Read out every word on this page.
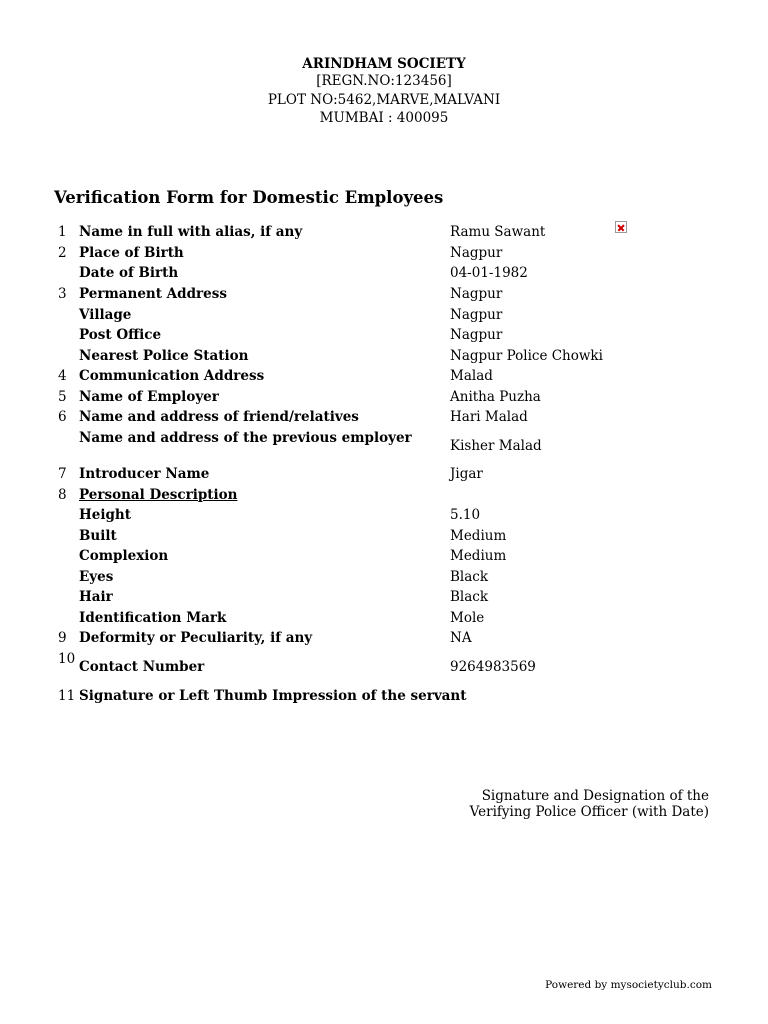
ARINDHAM SOCIETY
[REGN.NO:123456]
PLOT NO:5462,MARVE,MALVANI
MUMBAI : 400095
Verification Form for Domestic Employees
1 Name in full with alias, if any	Ramu Sawant
2 Place of Birth	Nagpur
Date of Birth	04-01-1982
3 Permanent Address	Nagpur
Village	Nagpur
Post Office	Nagpur
Nearest Police Station	Nagpur Police Chowki
4 Communication Address	Malad
5 Name of Employer	Anitha Puzha
6 Name and address of friend/relatives	Hari Malad
Name and address of the previous employer	Kisher Malad
7 Introducer Name	Jigar
8 Personal Description
Height	5.10
Built	Medium
Complexion	Medium
Eyes	Black
Hair	Black
Identification Mark	Mole
9 Deformity or Peculiarity, if any	NA
10 Contact Number	9264983569
11 Signature or Left Thumb Impression of the servant
Signature and Designation of the
Verifying Police Officer (with Date)
Powered by mysocietyclub.com
